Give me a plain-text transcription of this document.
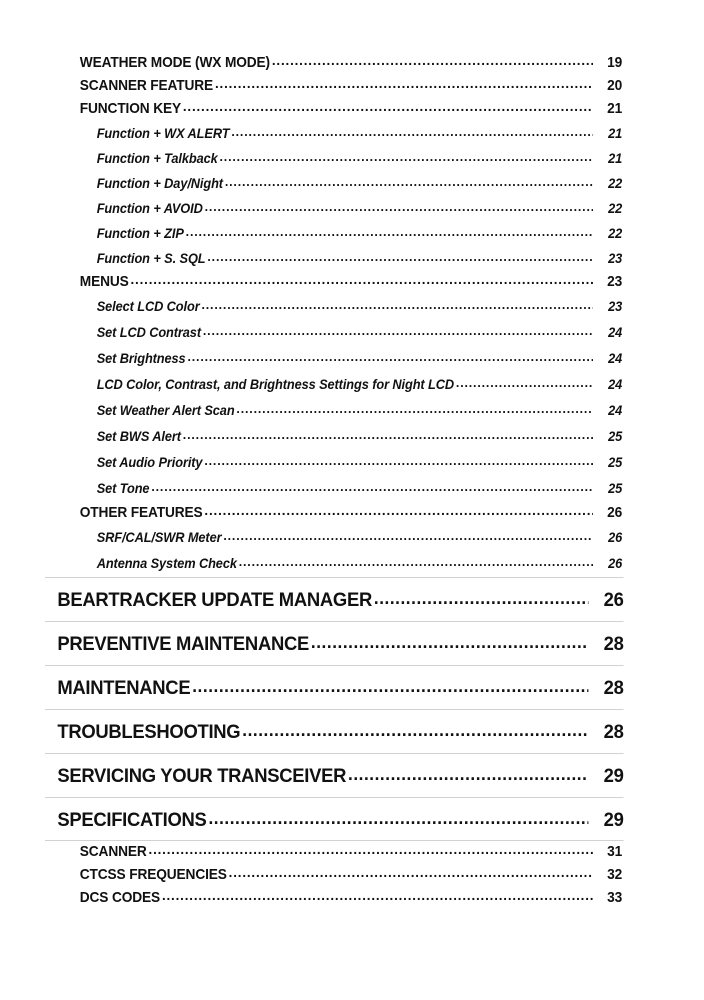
WEATHER MODE (WX MODE) .....	19
SCANNER FEATURE .....	20
FUNCTION KEY .....	21
Function + WX ALERT .....	21
Function + Talkback .....	21
Function + Day/Night .....	22
Function + AVOID .....	22
Function + ZIP .....	22
Function + S. SQL .....	23
MENUS .....	23
Select LCD Color .....	23
Set LCD Contrast .....	24
Set Brightness .....	24
LCD Color, Contrast, and Brightness Settings for Night LCD .....	24
Set Weather Alert Scan .....	24
Set BWS Alert .....	25
Set Audio Priority .....	25
Set Tone .....	25
OTHER FEATURES .....	26
SRF/CAL/SWR Meter .....	26
Antenna System Check .....	26
BEARTRACKER UPDATE MANAGER .....	26
PREVENTIVE MAINTENANCE .....	28
MAINTENANCE .....	28
TROUBLESHOOTING .....	28
SERVICING YOUR TRANSCEIVER .....	29
SPECIFICATIONS .....	29
SCANNER .....	31
CTCSS FREQUENCIES .....	32
DCS CODES .....	33
